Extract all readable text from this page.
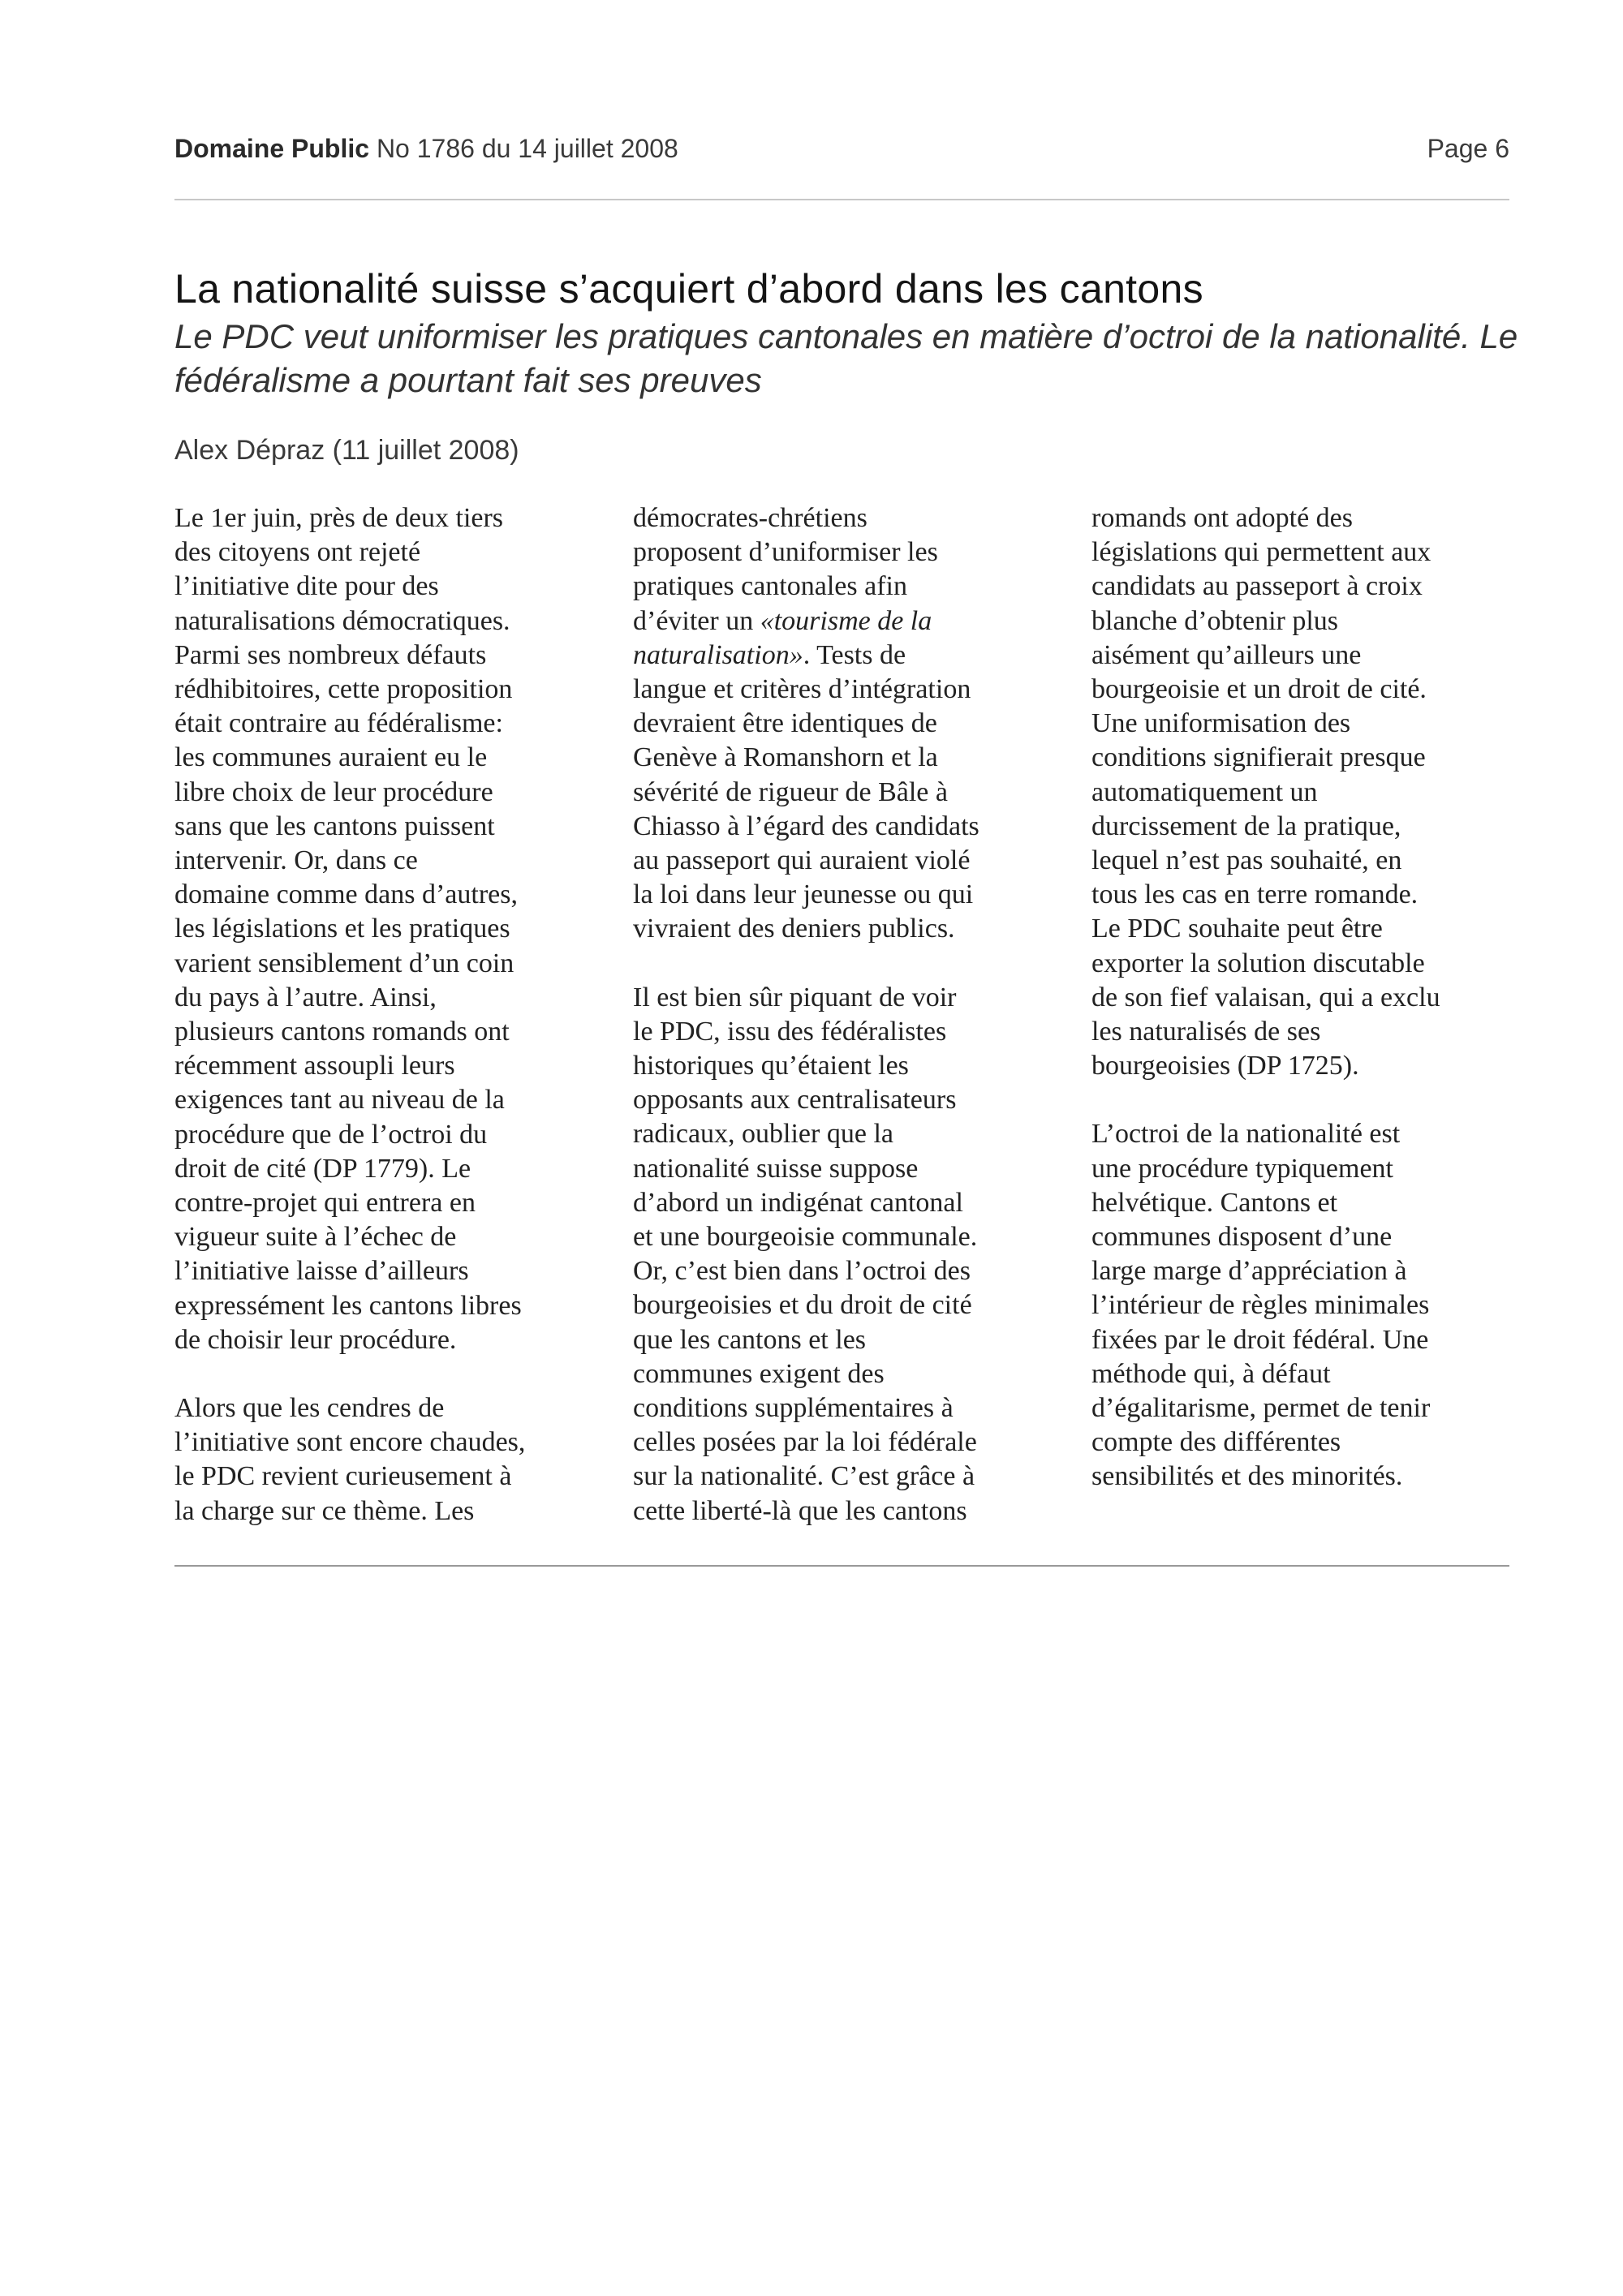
Domaine Public No 1786 du 14 juillet 2008	Page 6
La nationalité suisse s’acquiert d’abord dans les cantons

Le PDC veut uniformiser les pratiques cantonales en matière d’octroi de la nationalité. Le fédéralisme a pourtant fait ses preuves

Alex Dépraz (11 juillet 2008)

Le 1er juin, près de deux tiers
des citoyens ont rejeté
l’initiative dite pour des
naturalisations démocratiques.
Parmi ses nombreux défauts
rédhibitoires, cette proposition
était contraire au fédéralisme:
les communes auraient eu le
libre choix de leur procédure
sans que les cantons puissent
intervenir. Or, dans ce
domaine comme dans d’autres,
les législations et les pratiques
varient sensiblement d’un coin
du pays à l’autre. Ainsi,
plusieurs cantons romands ont
récemment assoupli leurs
exigences tant au niveau de la
procédure que de l’octroi du
droit de cité (DP 1779). Le
contre-projet qui entrera en
vigueur suite à l’échec de
l’initiative laisse d’ailleurs
expressément les cantons libres
de choisir leur procédure.

Alors que les cendres de
l’initiative sont encore chaudes,
le PDC revient curieusement à
la charge sur ce thème. Les

démocrates-chrétiens
proposent d’uniformiser les
pratiques cantonales afin
d’éviter un «tourisme de la
naturalisation». Tests de
langue et critères d’intégration
devraient être identiques de
Genève à Romanshorn et la
sévérité de rigueur de Bâle à
Chiasso à l’égard des candidats
au passeport qui auraient violé
la loi dans leur jeunesse ou qui
vivraient des deniers publics.

Il est bien sûr piquant de voir
le PDC, issu des fédéralistes
historiques qu’étaient les
opposants aux centralisateurs
radicaux, oublier que la
nationalité suisse suppose
d’abord un indigénat cantonal
et une bourgeoisie communale.
Or, c’est bien dans l’octroi des
bourgeoisies et du droit de cité
que les cantons et les
communes exigent des
conditions supplémentaires à
celles posées par la loi fédérale
sur la nationalité. C’est grâce à
cette liberté-là que les cantons

romands ont adopté des
législations qui permettent aux
candidats au passeport à croix
blanche d’obtenir plus
aisément qu’ailleurs une
bourgeoisie et un droit de cité.
Une uniformisation des
conditions signifierait presque
automatiquement un
durcissement de la pratique,
lequel n’est pas souhaité, en
tous les cas en terre romande.
Le PDC souhaite peut être
exporter la solution discutable
de son fief valaisan, qui a exclu
les naturalisés de ses
bourgeoisies (DP 1725).

L’octroi de la nationalité est
une procédure typiquement
helvétique. Cantons et
communes disposent d’une
large marge d’appréciation à
l’intérieur de règles minimales
fixées par le droit fédéral. Une
méthode qui, à défaut
d’égalitarisme, permet de tenir
compte des différentes
sensibilités et des minorités.
